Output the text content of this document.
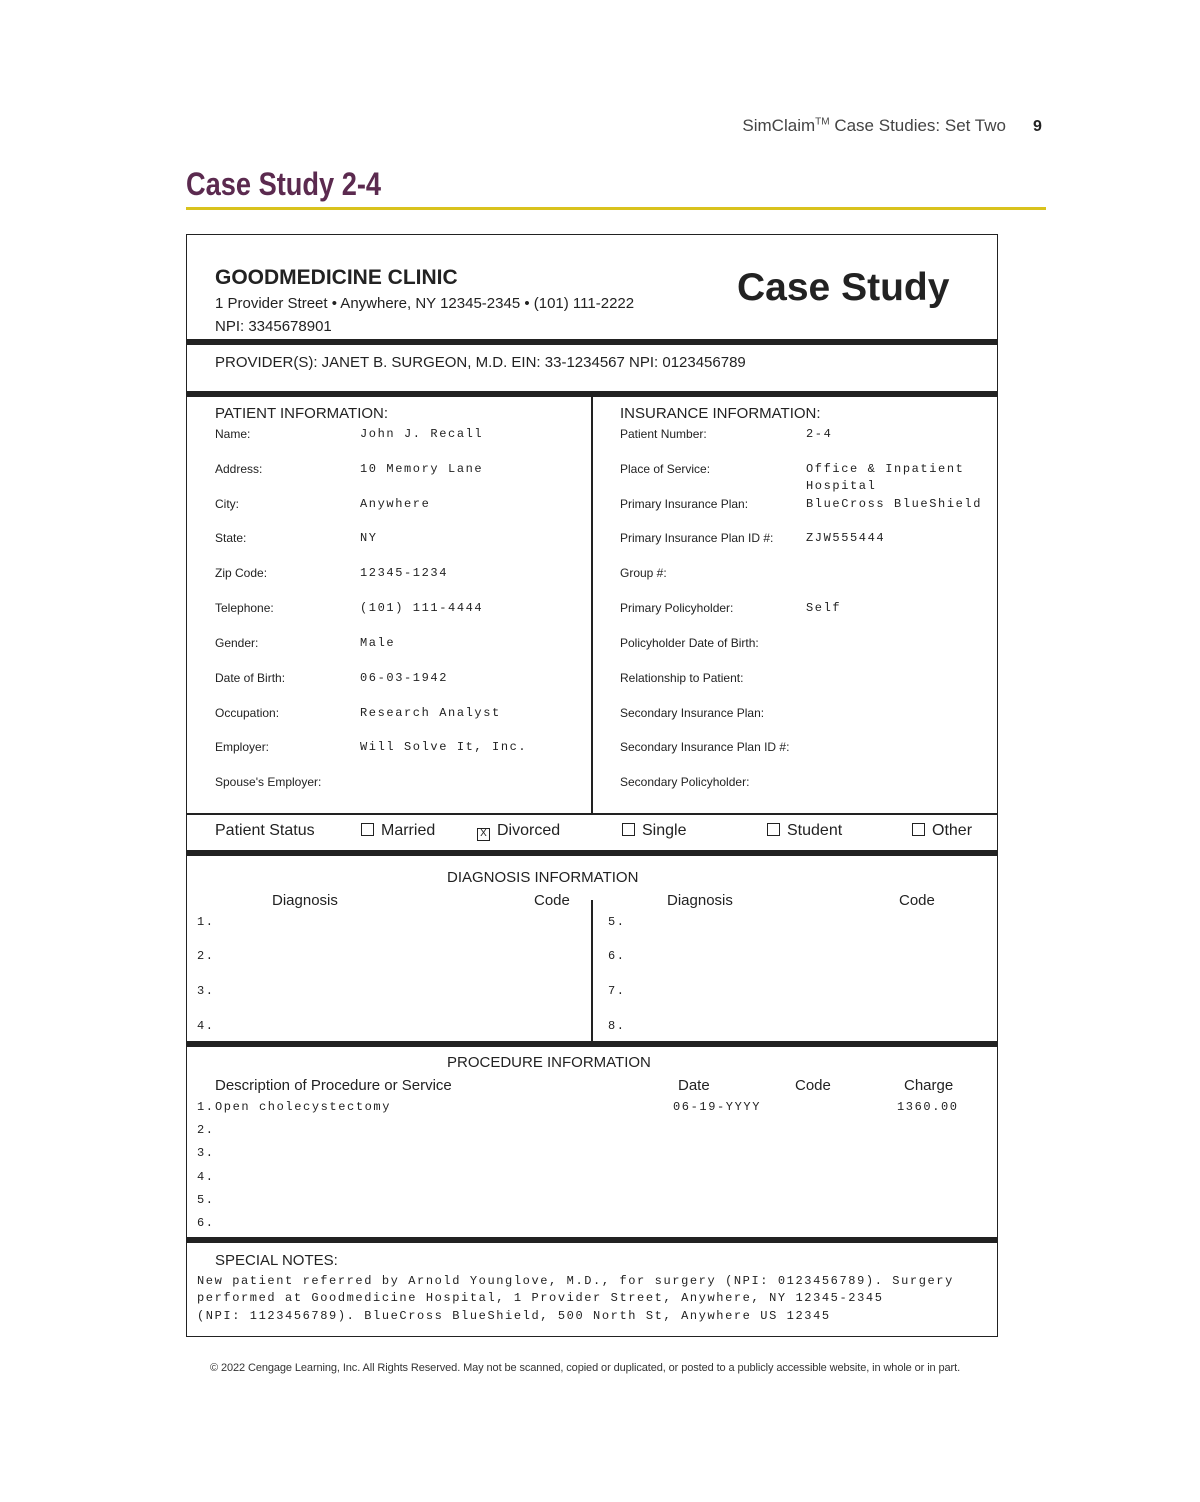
SimClaim™ Case Studies: Set Two 9
Case Study 2-4
GOODMEDICINE CLINIC
1 Provider Street • Anywhere, NY 12345-2345 • (101) 111-2222
NPI: 3345678901
Case Study
PROVIDER(S): JANET B. SURGEON, M.D. EIN: 33-1234567 NPI: 0123456789
PATIENT INFORMATION:	INSURANCE INFORMATION:
Name:	John J. Recall
Address:	10 Memory Lane
City:	Anywhere
State:	NY
Zip Code:	12345-1234
Telephone:	(101) 111-4444
Gender:	Male
Date of Birth:	06-03-1942
Occupation:	Research Analyst
Employer:	Will Solve It, Inc.
Spouse's Employer:
Patient Number:	2-4
Place of Service:	Office & Inpatient
Hospital
Primary Insurance Plan:	BlueCross BlueShield
Primary Insurance Plan ID #:	ZJW555444
Group #:
Primary Policyholder:	Self
Policyholder Date of Birth:
Relationship to Patient:
Secondary Insurance Plan:
Secondary Insurance Plan ID #:
Secondary Policyholder:
Patient Status	Married	X Divorced	Single	Student	Other
DIAGNOSIS INFORMATION
Diagnosis	Code	Diagnosis	Code
1.
2.
3.
4.
5.
6.
7.
8.
PROCEDURE INFORMATION
Description of Procedure or Service	Date	Code	Charge
1. Open cholecystectomy	06-19-YYYY	1360.00
2.
3.
4.
5.
6.
SPECIAL NOTES:
New patient referred by Arnold Younglove, M.D., for surgery (NPI: 0123456789). Surgery
performed at Goodmedicine Hospital, 1 Provider Street, Anywhere, NY 12345-2345
(NPI: 1123456789). BlueCross BlueShield, 500 North St, Anywhere US 12345
© 2022 Cengage Learning, Inc. All Rights Reserved. May not be scanned, copied or duplicated, or posted to a publicly accessible website, in whole or in part.
